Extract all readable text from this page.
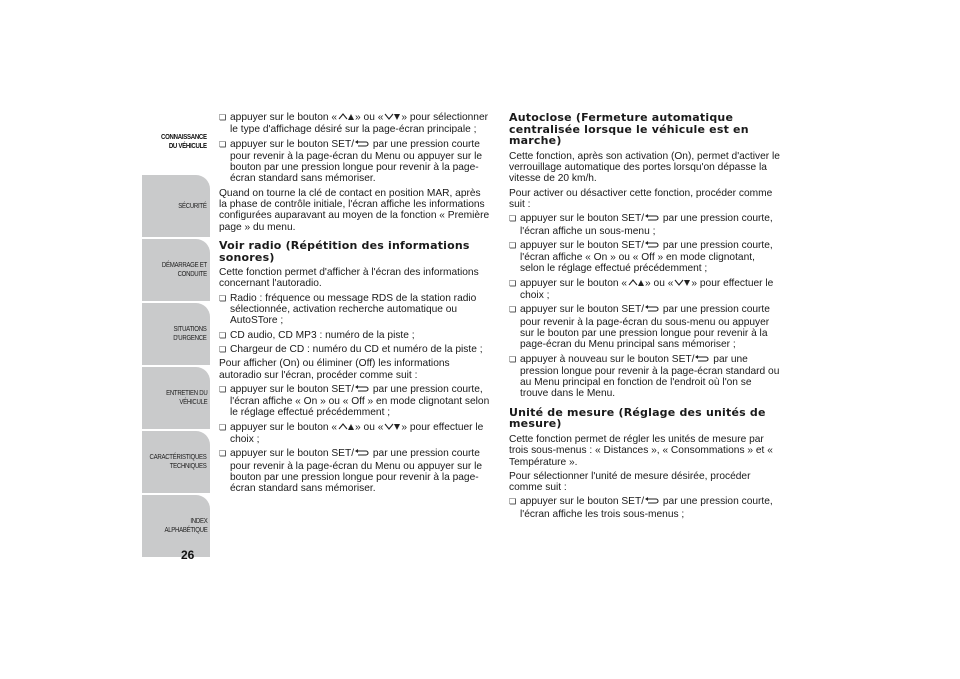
CONNAISSANCE
DU VÉHICULE
SÉCURITÉ
DÉMARRAGE ET
CONDUITE
SITUATIONS
D'URGENCE
ENTRETIEN DU
VÉHICULE
CARACTÉRISTIQUES
TECHNIQUES
INDEX
ALPHABÉTIQUE
26
❏ appuyer sur le bouton « » ou « » pour sélectionner le type d'affichage désiré sur la page-écran principale ;
❏ appuyer sur le bouton SET/ par une pression courte pour revenir à la page-écran du Menu ou appuyer sur le bouton par une pression longue pour revenir à la page-écran standard sans mémoriser.

Quand on tourne la clé de contact en position MAR, après la phase de contrôle initiale, l'écran affiche les informations configurées auparavant au moyen de la fonction « Première page » du menu.

Voir radio (Répétition des informations sonores)

Cette fonction permet d'afficher à l'écran des informations concernant l'autoradio.

❏ Radio : fréquence ou message RDS de la station radio sélectionnée, activation recherche automatique ou AutoSTore ;
❏ CD audio, CD MP3 : numéro de la piste ;
❏ Chargeur de CD : numéro du CD et numéro de la piste ;

Pour afficher (On) ou éliminer (Off) les informations autoradio sur l'écran, procéder comme suit :

❏ appuyer sur le bouton SET/ par une pression courte, l'écran affiche « On » ou « Off » en mode clignotant selon le réglage effectué précédemment ;
❏ appuyer sur le bouton « » ou « » pour effectuer le choix ;
❏ appuyer sur le bouton SET/ par une pression courte pour revenir à la page-écran du Menu ou appuyer sur le bouton par une pression longue pour revenir à la page-écran standard sans mémoriser.
Autoclose (Fermeture automatique centralisée lorsque le véhicule est en marche)

Cette fonction, après son activation (On), permet d'activer le verrouillage automatique des portes lorsqu'on dépasse la vitesse de 20 km/h.

Pour activer ou désactiver cette fonction, procéder comme suit :

❏ appuyer sur le bouton SET/ par une pression courte, l'écran affiche un sous-menu ;
❏ appuyer sur le bouton SET/ par une pression courte, l'écran affiche « On » ou « Off » en mode clignotant, selon le réglage effectué précédemment ;
❏ appuyer sur le bouton « » ou « » pour effectuer le choix ;
❏ appuyer sur le bouton SET/ par une pression courte pour revenir à la page-écran du sous-menu ou appuyer sur le bouton par une pression longue pour revenir à la page-écran du Menu principal sans mémoriser ;
❏ appuyer à nouveau sur le bouton SET/ par une pression longue pour revenir à la page-écran standard ou au Menu principal en fonction de l'endroit où l'on se trouve dans le Menu.
Unité de mesure (Réglage des unités de mesure)

Cette fonction permet de régler les unités de mesure par trois sous-menus : « Distances », « Consommations » et « Température ».

Pour sélectionner l'unité de mesure désirée, procéder comme suit :

❏ appuyer sur le bouton SET/ par une pression courte, l'écran affiche les trois sous-menus ;
